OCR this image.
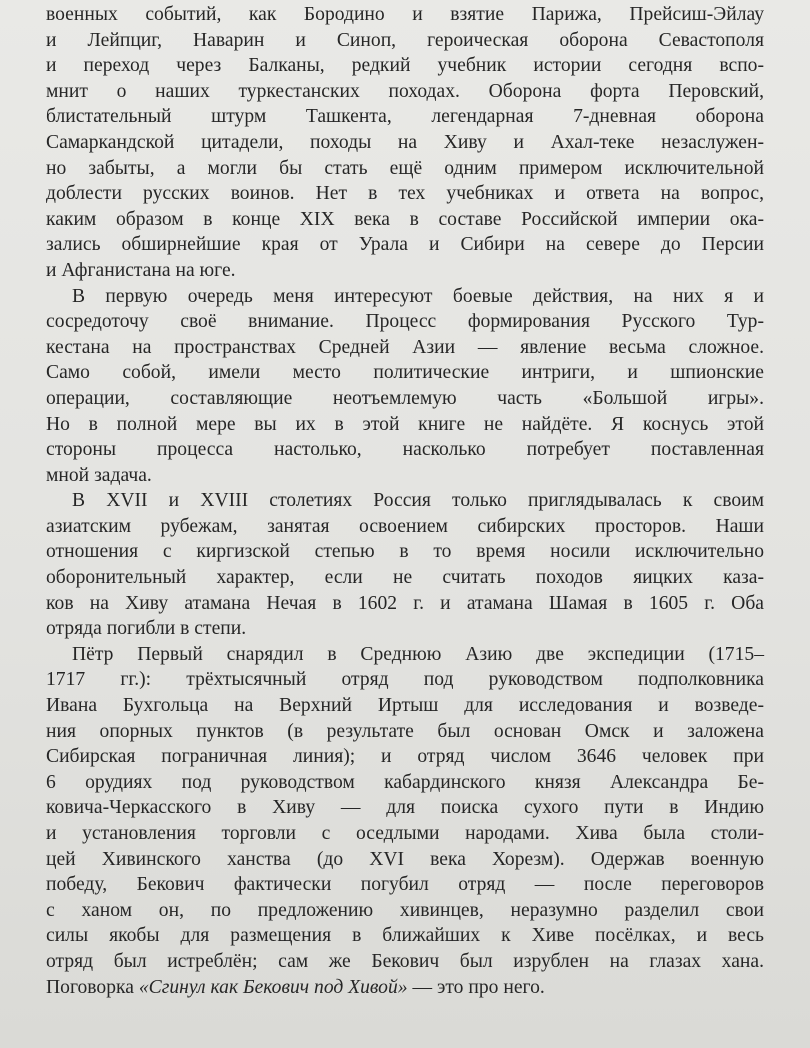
военных событий, как Бородино и взятие Парижа, Прейсиш-Эйлау
и Лейпциг, Наварин и Синоп, героическая оборона Севастополя
и переход через Балканы, редкий учебник истории сегодня вспо-
мнит о наших туркестанских походах. Оборона форта Перовский,
блистательный штурм Ташкента, легендарная 7-дневная оборона
Самаркандской цитадели, походы на Хиву и Ахал-теке незаслужен-
но забыты, а могли бы стать ещё одним примером исключительной
доблести русских воинов. Нет в тех учебниках и ответа на вопрос,
каким образом в конце XIX века в составе Российской империи ока-
зались обширнейшие края от Урала и Сибири на севере до Персии
и Афганистана на юге.
В первую очередь меня интересуют боевые действия, на них я и
сосредоточу своё внимание. Процесс формирования Русского Тур-
кестана на пространствах Средней Азии — явление весьма сложное.
Само собой, имели место политические интриги, и шпионские
операции, составляющие неотъемлемую часть «Большой игры».
Но в полной мере вы их в этой книге не найдёте. Я коснусь этой
стороны процесса настолько, насколько потребует поставленная
мной задача.
В XVII и XVIII столетиях Россия только приглядывалась к своим
азиатским рубежам, занятая освоением сибирских просторов. Наши
отношения с киргизской степью в то время носили исключительно
оборонительный характер, если не считать походов яицких каза-
ков на Хиву атамана Нечая в 1602 г. и атамана Шамая в 1605 г. Оба
отряда погибли в степи.
Пётр Первый снарядил в Среднюю Азию две экспедиции (1715–
1717 гг.): трёхтысячный отряд под руководством подполковника
Ивана Бухгольца на Верхний Иртыш для исследования и возведе-
ния опорных пунктов (в результате был основан Омск и заложена
Сибирская пограничная линия); и отряд числом 3646 человек при
6 орудиях под руководством кабардинского князя Александра Бе-
ковича-Черкасского в Хиву — для поиска сухого пути в Индию
и установления торговли с оседлыми народами. Хива была столи-
цей Хивинского ханства (до XVI века Хорезм). Одержав военную
победу, Бекович фактически погубил отряд — после переговоров
с ханом он, по предложению хивинцев, неразумно разделил свои
силы якобы для размещения в ближайших к Хиве посёлках, и весь
отряд был истреблён; сам же Бекович был изрублен на глазах хана.
Поговорка «Сгинул как Бекович под Хивой» — это про него.
